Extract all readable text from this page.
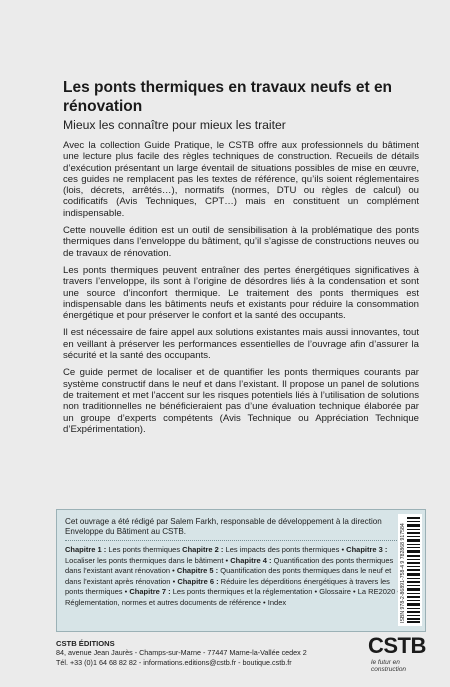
Les ponts thermiques en travaux neufs et en rénovation
Mieux les connaître pour mieux les traiter

Avec la collection Guide Pratique, le CSTB offre aux professionnels du bâtiment une lecture plus facile des règles techniques de construction. Recueils de détails d’exécution présentant un large éventail de situations possibles de mise en œuvre, ces guides ne remplacent pas les textes de référence, qu’ils soient réglementaires (lois, décrets, arrêtés…), normatifs (normes, DTU ou règles de calcul) ou codificatifs (Avis Techniques, CPT…) mais en constituent un complément indispensable.

Cette nouvelle édition est un outil de sensibilisation à la problématique des ponts thermiques dans l’enveloppe du bâtiment, qu’il s’agisse de constructions neuves ou de travaux de rénovation.

Les ponts thermiques peuvent entraîner des pertes énergétiques significatives à travers l’enveloppe, ils sont à l’origine de désordres liés à la condensation et sont une source d’inconfort thermique. Le traitement des ponts thermiques est indispensable dans les bâtiments neufs et existants pour réduire la consommation énergétique et pour préserver le confort et la santé des occupants.

Il est nécessaire de faire appel aux solutions existantes mais aussi innovantes, tout en veillant à préserver les performances essentielles de l’ouvrage afin d’assurer la sécurité et la santé des occupants.

Ce guide permet de localiser et de quantifier les ponts thermiques courants par système constructif dans le neuf et dans l’existant. Il propose un panel de solutions de traitement et met l’accent sur les risques potentiels liés à l’utilisation de solutions non traditionnelles ne bénéficieraient pas d’une évaluation technique élaborée par un groupe d’experts compétents (Avis Technique ou Appréciation Technique d’Expérimentation).

Cet ouvrage a été rédigé par Salem Farkh, responsable de développement à la direction Enveloppe du Bâtiment au CSTB.
Chapitre 1 : Les ponts thermiques Chapitre 2 : Les impacts des ponts thermiques • Chapitre 3 : Localiser les ponts thermiques dans le bâtiment • Chapitre 4 : Quantification des ponts thermiques dans l’existant avant rénovation • Chapitre 5 : Quantification des ponts thermiques dans le neuf et dans l’existant après rénovation • Chapitre 6 : Réduire les déperditions énergétiques à travers les ponts thermiques • Chapitre 7 : Les ponts thermiques et la réglementation • Glossaire • La RE2020 Réglementation, normes et autres documents de référence • Index	ISBN 978-2-86891-758-4 9 782868 917584
CSTB ÉDITIONS
84, avenue Jean Jaurès - Champs-sur-Marne - 77447 Marne-la-Vallée cedex 2
Tél. +33 (0)1 64 68 82 82 - informations.editions@cstb.fr - boutique.cstb.fr
CSTB
le futur en construction
